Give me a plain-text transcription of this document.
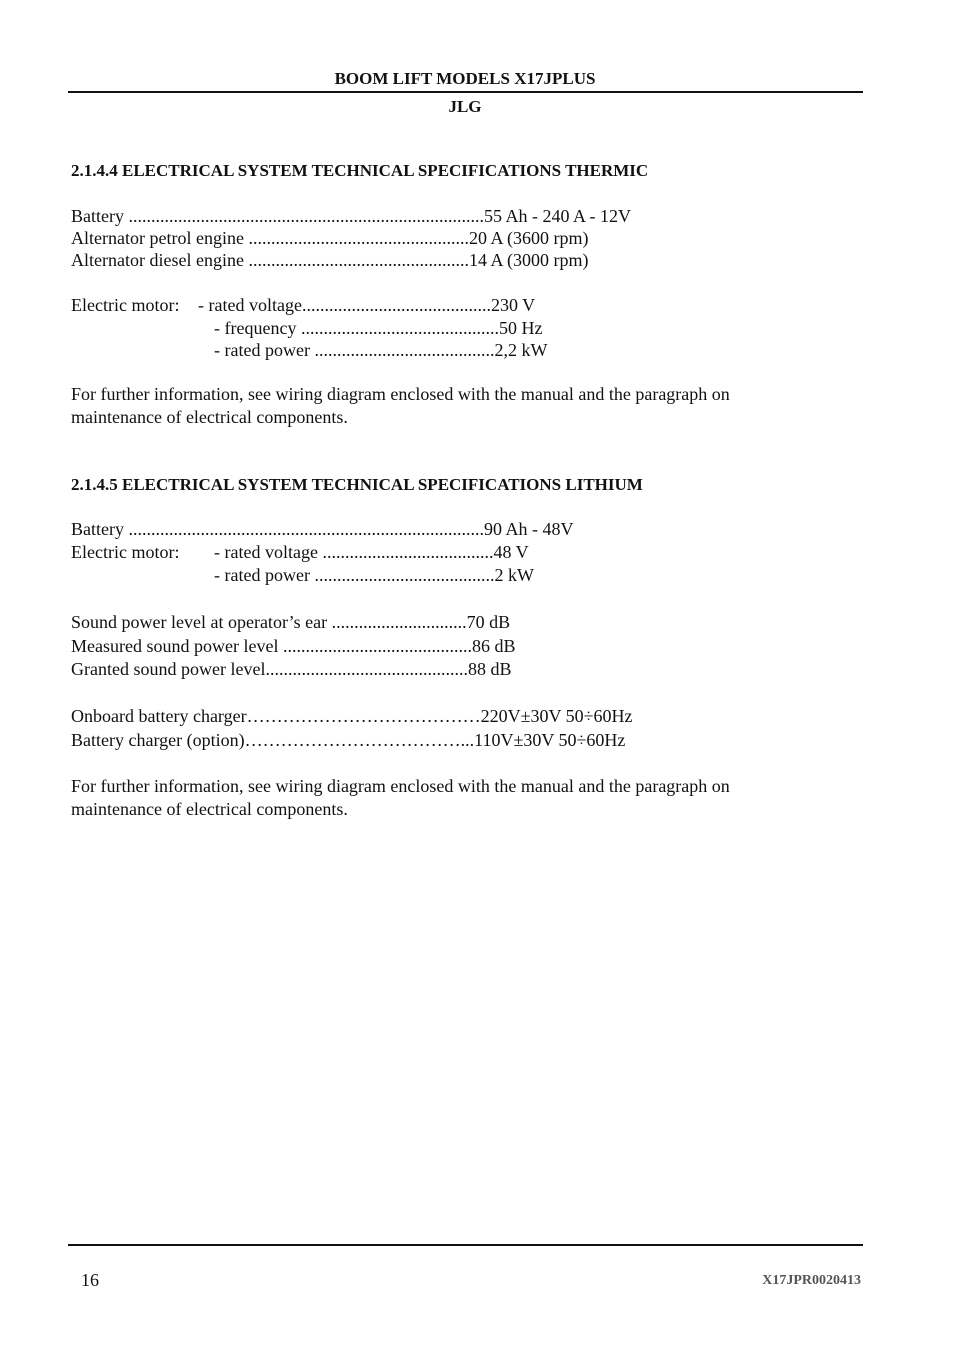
BOOM LIFT MODELS X17JPLUS
JLG
2.1.4.4 ELECTRICAL SYSTEM TECHNICAL SPECIFICATIONS THERMIC
Battery ...............................................................................55 Ah - 240 A - 12V
Alternator petrol engine .................................................20 A (3600 rpm)
Alternator diesel engine .................................................14 A (3000 rpm)
Electric motor: - rated voltage..........................................230 V
- frequency ............................................50 Hz
- rated power ........................................2,2 kW
For further information, see wiring diagram enclosed with the manual and the paragraph on
maintenance of electrical components.
2.1.4.5 ELECTRICAL SYSTEM TECHNICAL SPECIFICATIONS LITHIUM
Battery ...............................................................................90 Ah - 48V
Electric motor: - rated voltage ......................................48 V
- rated power ........................................2 kW
Sound power level at operator’s ear ..............................70 dB
Measured sound power level ..........................................86 dB
Granted sound power level.............................................88 dB
Onboard battery charger…………………………………220V±30V 50÷60Hz
Battery charger (option)………………………………...110V±30V 50÷60Hz
For further information, see wiring diagram enclosed with the manual and the paragraph on
maintenance of electrical components.
16	X17JPR0020413
